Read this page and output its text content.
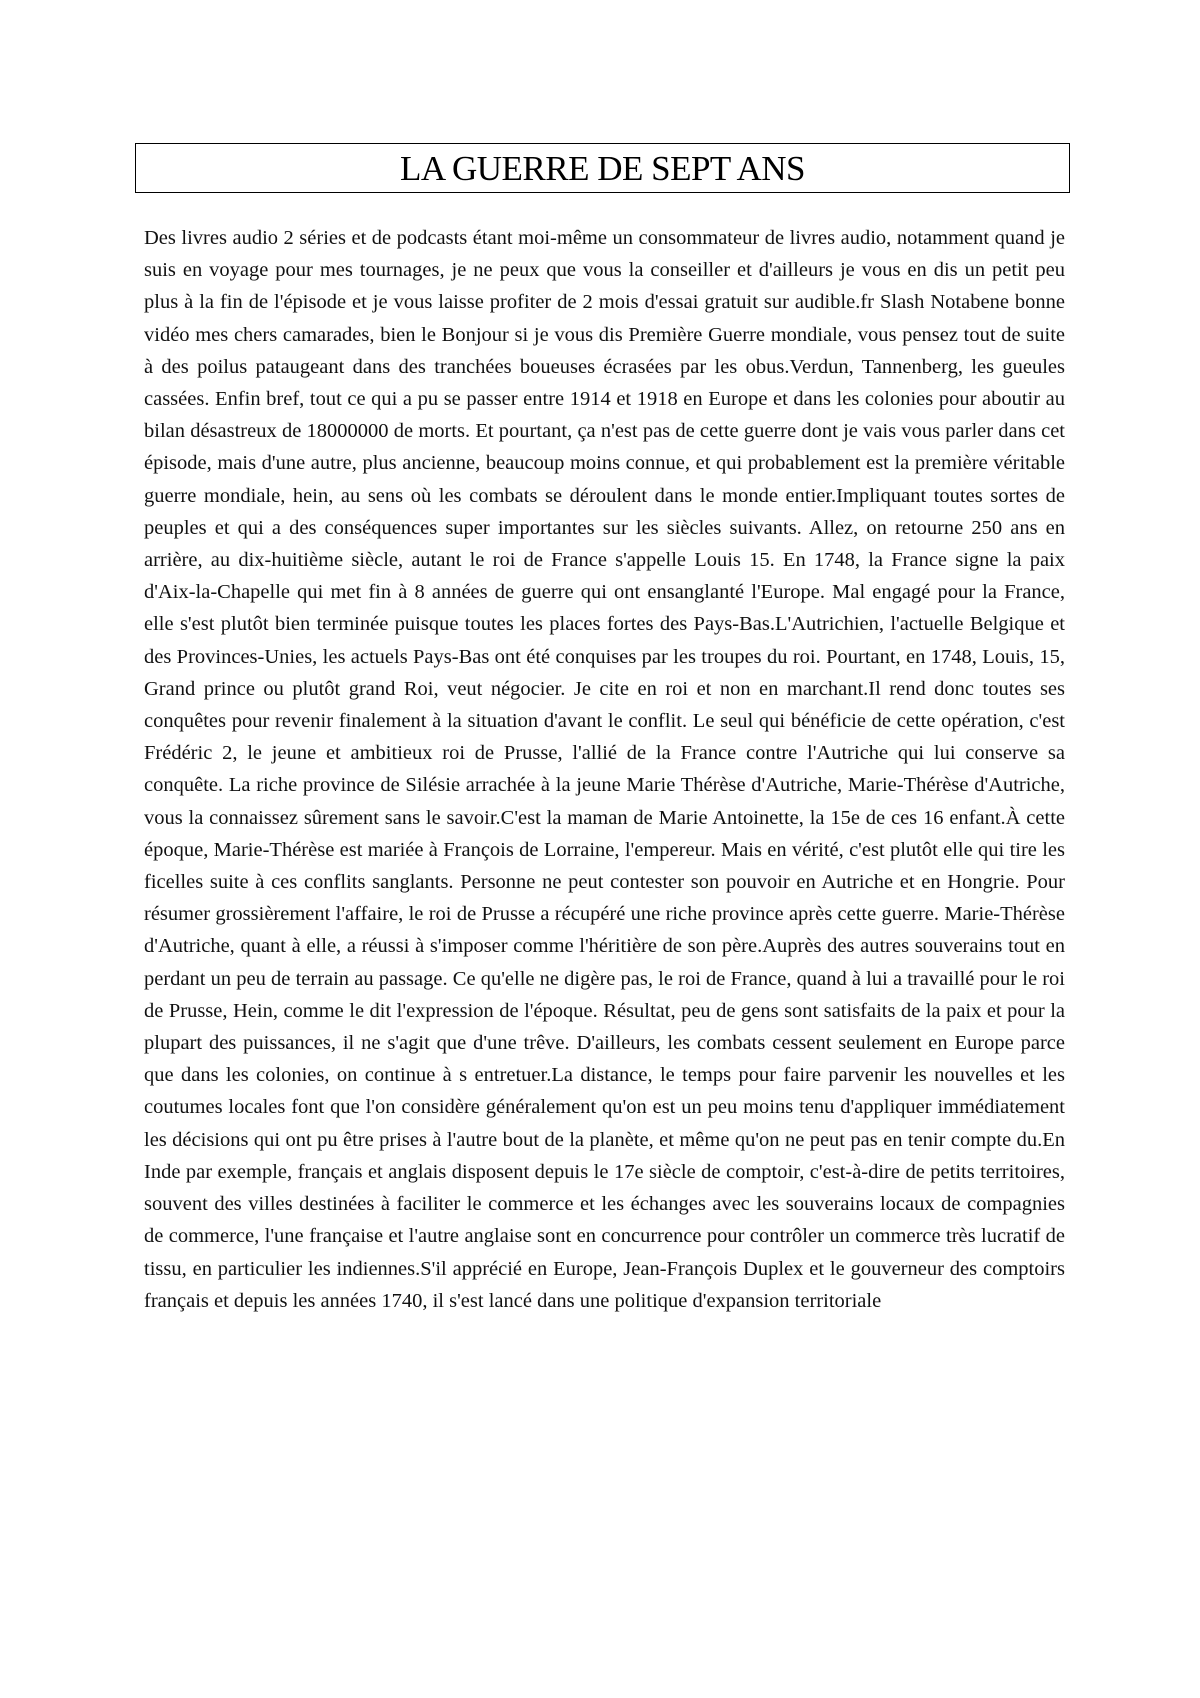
LA GUERRE DE SEPT ANS

Des livres audio 2 séries et de podcasts étant moi-même un consommateur de livres audio, notamment quand je suis en voyage pour mes tournages, je ne peux que vous la conseiller et d'ailleurs je vous en dis un petit peu plus à la fin de l'épisode et je vous laisse profiter de 2 mois d'essai gratuit sur audible.fr Slash Notabene bonne vidéo mes chers camarades, bien le Bonjour si je vous dis Première Guerre mondiale, vous pensez tout de suite à des poilus pataugeant dans des tranchées boueuses écrasées par les obus.Verdun, Tannenberg, les gueules cassées. Enfin bref, tout ce qui a pu se passer entre 1914 et 1918 en Europe et dans les colonies pour aboutir au bilan désastreux de 18000000 de morts. Et pourtant, ça n'est pas de cette guerre dont je vais vous parler dans cet épisode, mais d'une autre, plus ancienne, beaucoup moins connue, et qui probablement est la première véritable guerre mondiale, hein, au sens où les combats se déroulent dans le monde entier.Impliquant toutes sortes de peuples et qui a des conséquences super importantes sur les siècles suivants. Allez, on retourne 250 ans en arrière, au dix-huitième siècle, autant le roi de France s'appelle Louis 15. En 1748, la France signe la paix d'Aix-la-Chapelle qui met fin à 8 années de guerre qui ont ensanglanté l'Europe. Mal engagé pour la France, elle s'est plutôt bien terminée puisque toutes les places fortes des Pays-Bas.L'Autrichien, l'actuelle Belgique et des Provinces-Unies, les actuels Pays-Bas ont été conquises par les troupes du roi. Pourtant, en 1748, Louis, 15, Grand prince ou plutôt grand Roi, veut négocier. Je cite en roi et non en marchant.Il rend donc toutes ses conquêtes pour revenir finalement à la situation d'avant le conflit. Le seul qui bénéficie de cette opération, c'est Frédéric 2, le jeune et ambitieux roi de Prusse, l'allié de la France contre l'Autriche qui lui conserve sa conquête. La riche province de Silésie arrachée à la jeune Marie Thérèse d'Autriche, Marie-Thérèse d'Autriche, vous la connaissez sûrement sans le savoir.C'est la maman de Marie Antoinette, la 15e de ces 16 enfant.À cette époque, Marie-Thérèse est mariée à François de Lorraine, l'empereur. Mais en vérité, c'est plutôt elle qui tire les ficelles suite à ces conflits sanglants. Personne ne peut contester son pouvoir en Autriche et en Hongrie. Pour résumer grossièrement l'affaire, le roi de Prusse a récupéré une riche province après cette guerre. Marie-Thérèse d'Autriche, quant à elle, a réussi à s'imposer comme l'héritière de son père.Auprès des autres souverains tout en perdant un peu de terrain au passage. Ce qu'elle ne digère pas, le roi de France, quand à lui a travaillé pour le roi de Prusse, Hein, comme le dit l'expression de l'époque. Résultat, peu de gens sont satisfaits de la paix et pour la plupart des puissances, il ne s'agit que d'une trêve. D'ailleurs, les combats cessent seulement en Europe parce que dans les colonies, on continue à s entretuer.La distance, le temps pour faire parvenir les nouvelles et les coutumes locales font que l'on considère généralement qu'on est un peu moins tenu d'appliquer immédiatement les décisions qui ont pu être prises à l'autre bout de la planète, et même qu'on ne peut pas en tenir compte du.En Inde par exemple, français et anglais disposent depuis le 17e siècle de comptoir, c'est-à-dire de petits territoires, souvent des villes destinées à faciliter le commerce et les échanges avec les souverains locaux de compagnies de commerce, l'une française et l'autre anglaise sont en concurrence pour contrôler un commerce très lucratif de tissu, en particulier les indiennes.S'il apprécié en Europe, Jean-François Duplex et le gouverneur des comptoirs français et depuis les années 1740, il s'est lancé dans une politique d'expansion territoriale
